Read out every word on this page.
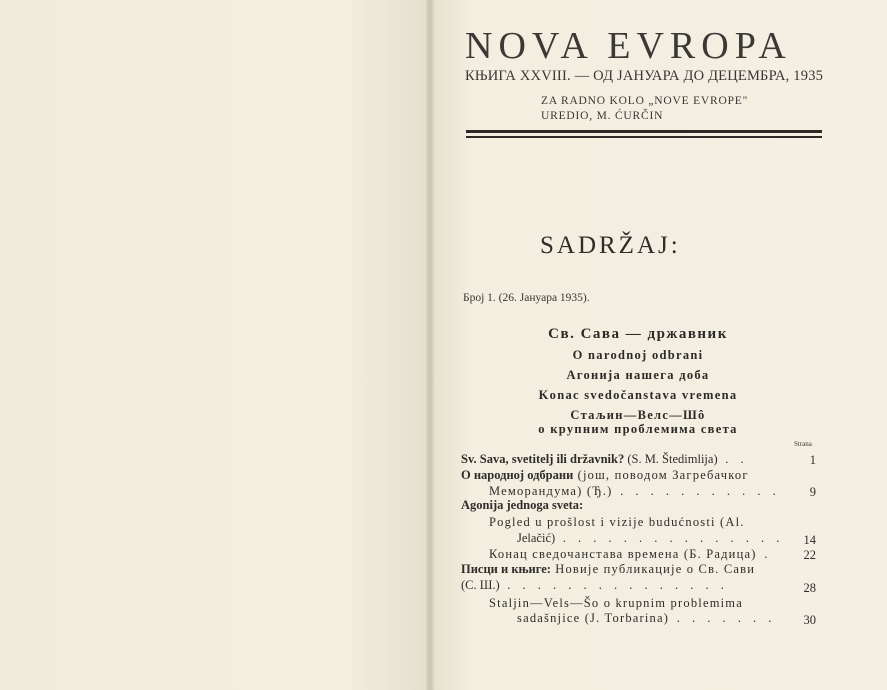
NOVA EVROPA
КЊИГА XXVIII. — ОД ЈАНУАРА ДО ДЕЦЕМБРА, 1935
ZA RADNO KOLO „NOVE EVROPE"
UREDIO, M. ĆURČIN
SADRŽAJ:
Број 1. (26. Јануара 1935).
Св. Сава — државник
O narodnoj odbrani
Агонија нашега доба
Konac svedočanstava vremena
Стаљин—Велс—Шô
о крупним проблемима света
Strana
Sv. Sava, svetitelj ili državnik? (S. M. Štedimlija) . .	1
O народној одбрани (још, поводом Загребачког
Меморандума) (Ђ.) . . . . . . . . . . .	9
Agonija jednoga sveta:
Pogled u prošlost i vizije budućnosti (Al.
Jelačić) . . . . . . . . . . . . . . .	14
Конац сведочанстава времена (Б. Радица) .	22
Писци и књиге: Новије публикације о Св. Сави
(С. Ш.) . . . . . . . . . . . . . . .	28
Staljin—Vels—Šo o krupnim problemima
sadašnjice (J. Torbarina) . . . . . . .	30
